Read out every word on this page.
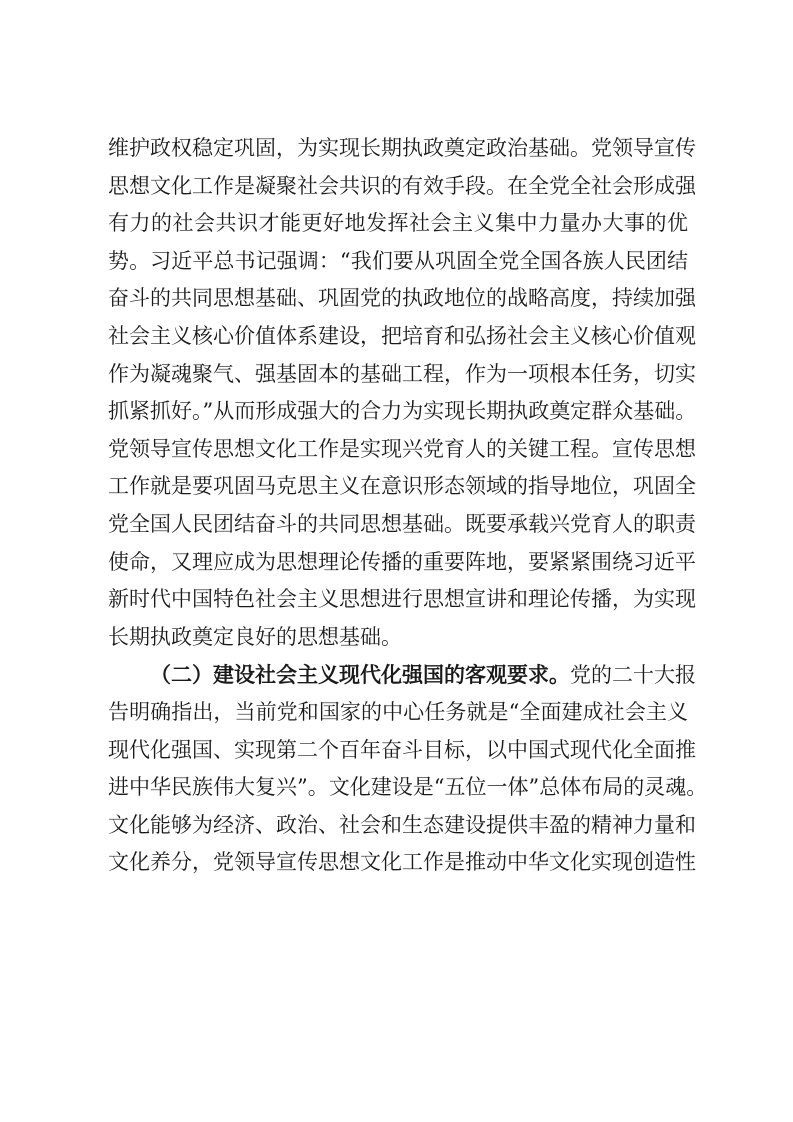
维护政权稳定巩固，为实现长期执政奠定政治基础。党领导宣传
思想文化工作是凝聚社会共识的有效手段。在全党全社会形成强
有力的社会共识才能更好地发挥社会主义集中力量办大事的优
势。习近平总书记强调：“我们要从巩固全党全国各族人民团结
奋斗的共同思想基础、巩固党的执政地位的战略高度，持续加强
社会主义核心价值体系建设，把培育和弘扬社会主义核心价值观
作为凝魂聚气、强基固本的基础工程，作为一项根本任务，切实
抓紧抓好。”从而形成强大的合力为实现长期执政奠定群众基础。
党领导宣传思想文化工作是实现兴党育人的关键工程。宣传思想
工作就是要巩固马克思主义在意识形态领域的指导地位，巩固全
党全国人民团结奋斗的共同思想基础。既要承载兴党育人的职责
使命，又理应成为思想理论传播的重要阵地，要紧紧围绕习近平
新时代中国特色社会主义思想进行思想宣讲和理论传播，为实现
长期执政奠定良好的思想基础。
（二）建设社会主义现代化强国的客观要求。党的二十大报
告明确指出，当前党和国家的中心任务就是“全面建成社会主义
现代化强国、实现第二个百年奋斗目标，以中国式现代化全面推
进中华民族伟大复兴”。文化建设是“五位一体”总体布局的灵魂。
文化能够为经济、政治、社会和生态建设提供丰盈的精神力量和
文化养分，党领导宣传思想文化工作是推动中华文化实现创造性
